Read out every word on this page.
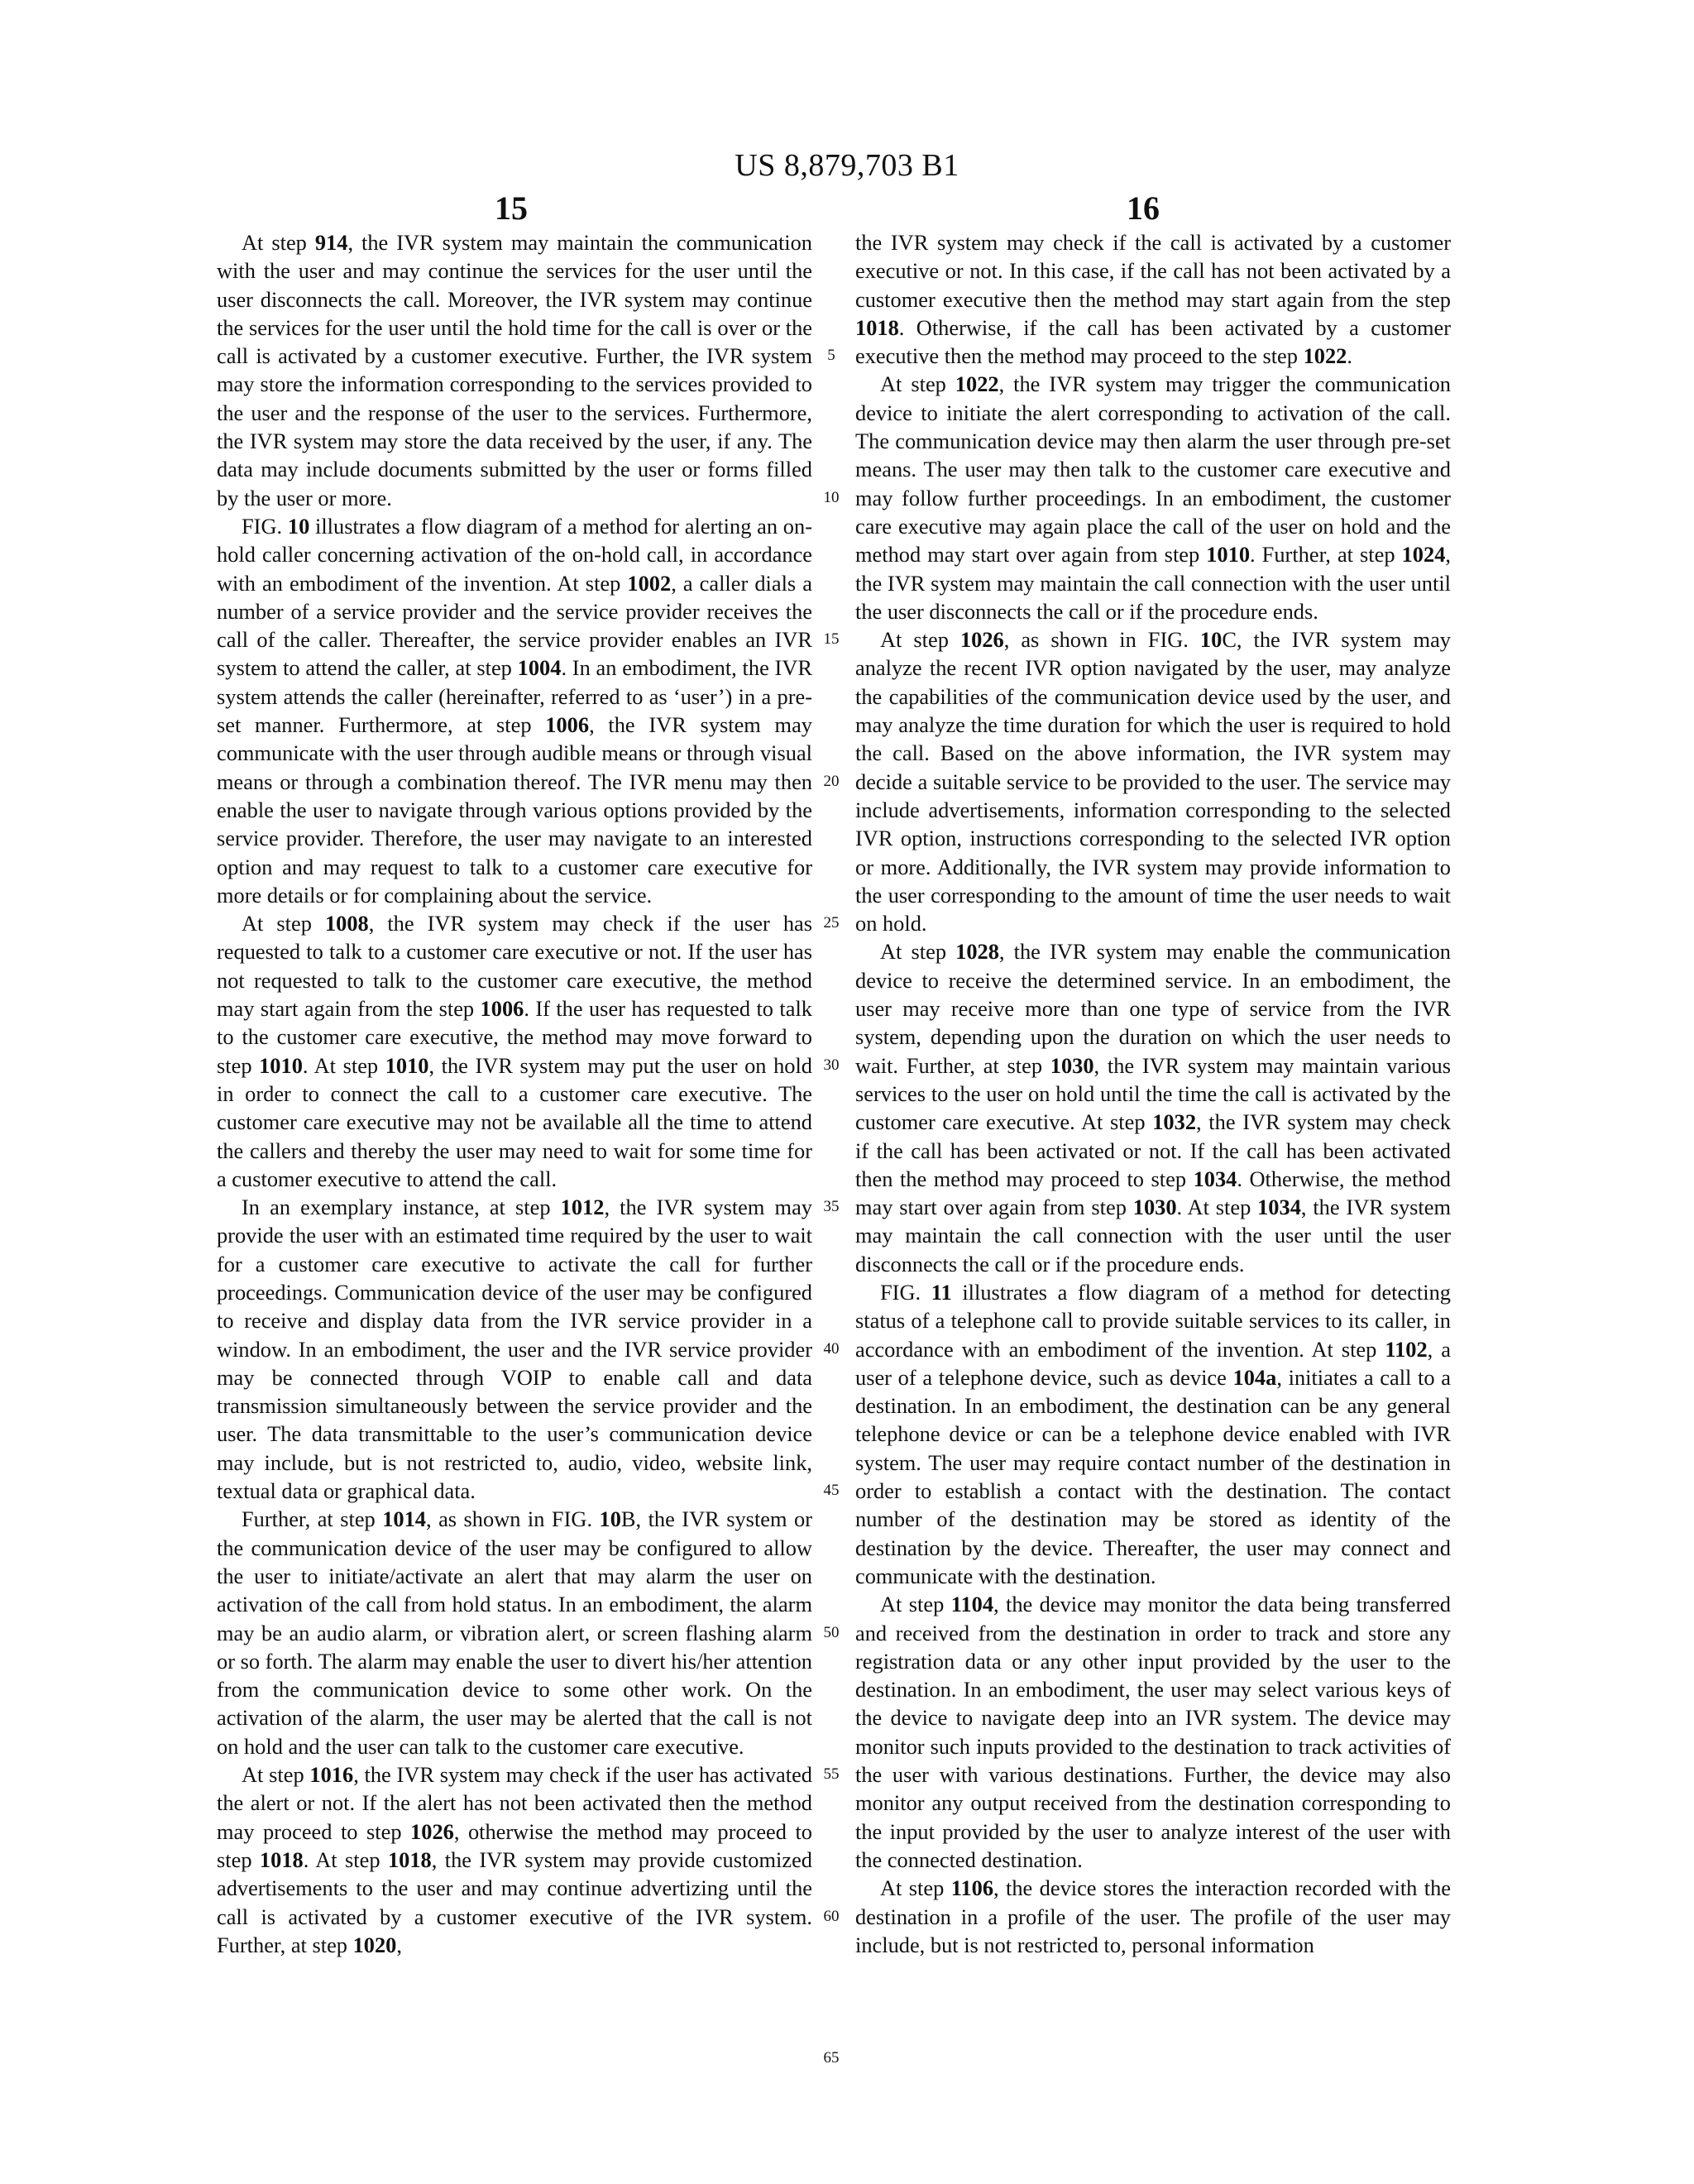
US 8,879,703 B1
15	16

At step 914, the IVR system may maintain the communication with the user and may continue the services for the user until the user disconnects the call. Moreover, the IVR system may continue the services for the user until the hold time for the call is over or the call is activated by a customer executive. Further, the IVR system may store the information corresponding to the services provided to the user and the response of the user to the services. Furthermore, the IVR system may store the data received by the user, if any. The data may include documents submitted by the user or forms filled by the user or more.

FIG. 10 illustrates a flow diagram of a method for alerting an on-hold caller concerning activation of the on-hold call, in accordance with an embodiment of the invention. At step 1002, a caller dials a number of a service provider and the service provider receives the call of the caller. Thereafter, the service provider enables an IVR system to attend the caller, at step 1004. In an embodiment, the IVR system attends the caller (hereinafter, referred to as ‘user’) in a pre-set manner. Furthermore, at step 1006, the IVR system may communicate with the user through audible means or through visual means or through a combination thereof. The IVR menu may then enable the user to navigate through various options provided by the service provider. Therefore, the user may navigate to an interested option and may request to talk to a customer care executive for more details or for complaining about the service.

At step 1008, the IVR system may check if the user has requested to talk to a customer care executive or not. If the user has not requested to talk to the customer care executive, the method may start again from the step 1006. If the user has requested to talk to the customer care executive, the method may move forward to step 1010. At step 1010, the IVR system may put the user on hold in order to connect the call to a customer care executive. The customer care executive may not be available all the time to attend the callers and thereby the user may need to wait for some time for a customer executive to attend the call.

In an exemplary instance, at step 1012, the IVR system may provide the user with an estimated time required by the user to wait for a customer care executive to activate the call for further proceedings. Communication device of the user may be configured to receive and display data from the IVR service provider in a window. In an embodiment, the user and the IVR service provider may be connected through VOIP to enable call and data transmission simultaneously between the service provider and the user. The data transmittable to the user’s communication device may include, but is not restricted to, audio, video, website link, textual data or graphical data.

Further, at step 1014, as shown in FIG. 10B, the IVR system or the communication device of the user may be configured to allow the user to initiate/activate an alert that may alarm the user on activation of the call from hold status. In an embodiment, the alarm may be an audio alarm, or vibration alert, or screen flashing alarm or so forth. The alarm may enable the user to divert his/her attention from the communication device to some other work. On the activation of the alarm, the user may be alerted that the call is not on hold and the user can talk to the customer care executive.

At step 1016, the IVR system may check if the user has activated the alert or not. If the alert has not been activated then the method may proceed to step 1026, otherwise the method may proceed to step 1018. At step 1018, the IVR system may provide customized advertisements to the user and may continue advertizing until the call is activated by a customer executive of the IVR system. Further, at step 1020,

the IVR system may check if the call is activated by a customer executive or not. In this case, if the call has not been activated by a customer executive then the method may start again from the step 1018. Otherwise, if the call has been activated by a customer executive then the method may proceed to the step 1022.

At step 1022, the IVR system may trigger the communication device to initiate the alert corresponding to activation of the call. The communication device may then alarm the user through pre-set means. The user may then talk to the customer care executive and may follow further proceedings. In an embodiment, the customer care executive may again place the call of the user on hold and the method may start over again from step 1010. Further, at step 1024, the IVR system may maintain the call connection with the user until the user disconnects the call or if the procedure ends.

At step 1026, as shown in FIG. 10C, the IVR system may analyze the recent IVR option navigated by the user, may analyze the capabilities of the communication device used by the user, and may analyze the time duration for which the user is required to hold the call. Based on the above information, the IVR system may decide a suitable service to be provided to the user. The service may include advertisements, information corresponding to the selected IVR option, instructions corresponding to the selected IVR option or more. Additionally, the IVR system may provide information to the user corresponding to the amount of time the user needs to wait on hold.

At step 1028, the IVR system may enable the communication device to receive the determined service. In an embodiment, the user may receive more than one type of service from the IVR system, depending upon the duration on which the user needs to wait. Further, at step 1030, the IVR system may maintain various services to the user on hold until the time the call is activated by the customer care executive. At step 1032, the IVR system may check if the call has been activated or not. If the call has been activated then the method may proceed to step 1034. Otherwise, the method may start over again from step 1030. At step 1034, the IVR system may maintain the call connection with the user until the user disconnects the call or if the procedure ends.

FIG. 11 illustrates a flow diagram of a method for detecting status of a telephone call to provide suitable services to its caller, in accordance with an embodiment of the invention. At step 1102, a user of a telephone device, such as device 104a, initiates a call to a destination. In an embodiment, the destination can be any general telephone device or can be a telephone device enabled with IVR system. The user may require contact number of the destination in order to establish a contact with the destination. The contact number of the destination may be stored as identity of the destination by the device. Thereafter, the user may connect and communicate with the destination.

At step 1104, the device may monitor the data being transferred and received from the destination in order to track and store any registration data or any other input provided by the user to the destination. In an embodiment, the user may select various keys of the device to navigate deep into an IVR system. The device may monitor such inputs provided to the destination to track activities of the user with various destinations. Further, the device may also monitor any output received from the destination corresponding to the input provided by the user to analyze interest of the user with the connected destination.

At step 1106, the device stores the interaction recorded with the destination in a profile of the user. The profile of the user may include, but is not restricted to, personal information

5
10
15
20
25
30
35
40
45
50
55
60
65
